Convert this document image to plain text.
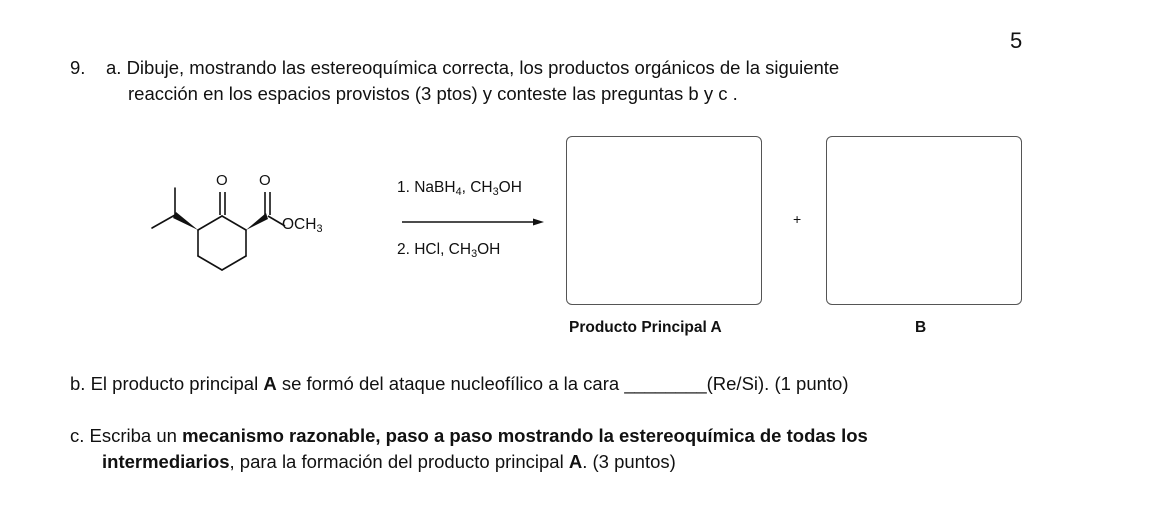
5
9. a. Dibuje, mostrando las estereoquímica correcta, los productos orgánicos de la siguiente
reacción en los espacios provistos (3 ptos) y conteste las preguntas b y c .
O O
$OCH_3$
1. NaBH$_4$, $CH_3OH$
2. HCl, $CH_3OH$
+
Producto Principal A	B
b. El producto principal A se formó del ataque nucleofílico a la cara ________(Re/Si). (1 punto)
c. Escriba un mecanismo razonable, paso a paso mostrando la estereoquímica de todas los
intermediarios, para la formación del producto principal A. (3 puntos)
